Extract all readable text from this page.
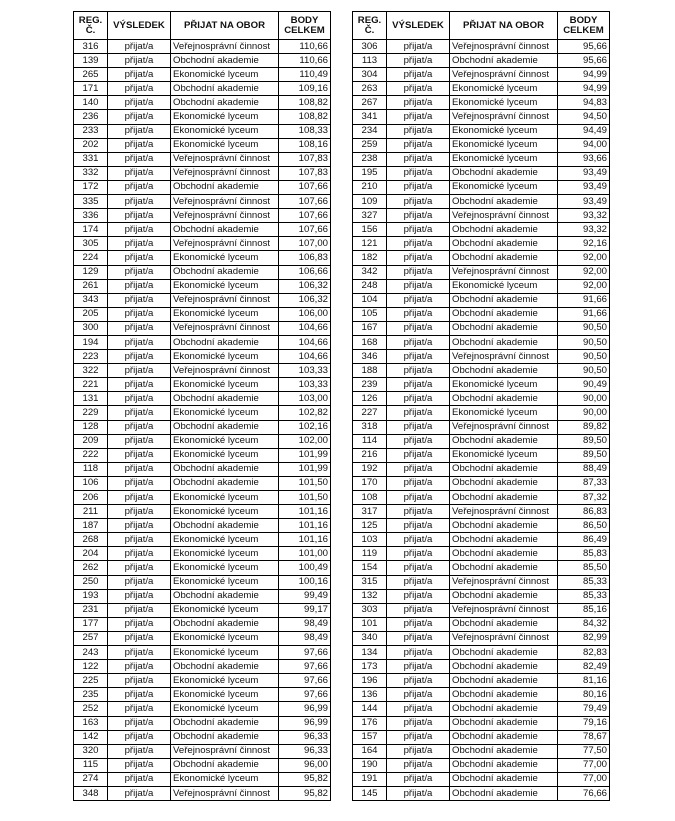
REG.
Č.	VÝSLEDEK	PŘIJAT NA OBOR	BODY
CELKEM
316	přijat/a	Veřejnosprávní činnost	110,66
139	přijat/a	Obchodní akademie	110,66
265	přijat/a	Ekonomické lyceum	110,49
171	přijat/a	Obchodní akademie	109,16
140	přijat/a	Obchodní akademie	108,82
236	přijat/a	Ekonomické lyceum	108,82
233	přijat/a	Ekonomické lyceum	108,33
202	přijat/a	Ekonomické lyceum	108,16
331	přijat/a	Veřejnosprávní činnost	107,83
332	přijat/a	Veřejnosprávní činnost	107,83
172	přijat/a	Obchodní akademie	107,66
335	přijat/a	Veřejnosprávní činnost	107,66
336	přijat/a	Veřejnosprávní činnost	107,66
174	přijat/a	Obchodní akademie	107,66
305	přijat/a	Veřejnosprávní činnost	107,00
224	přijat/a	Ekonomické lyceum	106,83
129	přijat/a	Obchodní akademie	106,66
261	přijat/a	Ekonomické lyceum	106,32
343	přijat/a	Veřejnosprávní činnost	106,32
205	přijat/a	Ekonomické lyceum	106,00
300	přijat/a	Veřejnosprávní činnost	104,66
194	přijat/a	Obchodní akademie	104,66
223	přijat/a	Ekonomické lyceum	104,66
322	přijat/a	Veřejnosprávní činnost	103,33
221	přijat/a	Ekonomické lyceum	103,33
131	přijat/a	Obchodní akademie	103,00
229	přijat/a	Ekonomické lyceum	102,82
128	přijat/a	Obchodní akademie	102,16
209	přijat/a	Ekonomické lyceum	102,00
222	přijat/a	Ekonomické lyceum	101,99
118	přijat/a	Obchodní akademie	101,99
106	přijat/a	Obchodní akademie	101,50
206	přijat/a	Ekonomické lyceum	101,50
211	přijat/a	Ekonomické lyceum	101,16
187	přijat/a	Obchodní akademie	101,16
268	přijat/a	Ekonomické lyceum	101,16
204	přijat/a	Ekonomické lyceum	101,00
262	přijat/a	Ekonomické lyceum	100,49
250	přijat/a	Ekonomické lyceum	100,16
193	přijat/a	Obchodní akademie	99,49
231	přijat/a	Ekonomické lyceum	99,17
177	přijat/a	Obchodní akademie	98,49
257	přijat/a	Ekonomické lyceum	98,49
243	přijat/a	Ekonomické lyceum	97,66
122	přijat/a	Obchodní akademie	97,66
225	přijat/a	Ekonomické lyceum	97,66
235	přijat/a	Ekonomické lyceum	97,66
252	přijat/a	Ekonomické lyceum	96,99
163	přijat/a	Obchodní akademie	96,99
142	přijat/a	Obchodní akademie	96,33
320	přijat/a	Veřejnosprávní činnost	96,33
115	přijat/a	Obchodní akademie	96,00
274	přijat/a	Ekonomické lyceum	95,82
348	přijat/a	Veřejnosprávní činnost	95,82
REG.
Č.	VÝSLEDEK	PŘIJAT NA OBOR	BODY
CELKEM
306	přijat/a	Veřejnosprávní činnost	95,66
113	přijat/a	Obchodní akademie	95,66
304	přijat/a	Veřejnosprávní činnost	94,99
263	přijat/a	Ekonomické lyceum	94,99
267	přijat/a	Ekonomické lyceum	94,83
341	přijat/a	Veřejnosprávní činnost	94,50
234	přijat/a	Ekonomické lyceum	94,49
259	přijat/a	Ekonomické lyceum	94,00
238	přijat/a	Ekonomické lyceum	93,66
195	přijat/a	Obchodní akademie	93,49
210	přijat/a	Ekonomické lyceum	93,49
109	přijat/a	Obchodní akademie	93,49
327	přijat/a	Veřejnosprávní činnost	93,32
156	přijat/a	Obchodní akademie	93,32
121	přijat/a	Obchodní akademie	92,16
182	přijat/a	Obchodní akademie	92,00
342	přijat/a	Veřejnosprávní činnost	92,00
248	přijat/a	Ekonomické lyceum	92,00
104	přijat/a	Obchodní akademie	91,66
105	přijat/a	Obchodní akademie	91,66
167	přijat/a	Obchodní akademie	90,50
168	přijat/a	Obchodní akademie	90,50
346	přijat/a	Veřejnosprávní činnost	90,50
188	přijat/a	Obchodní akademie	90,50
239	přijat/a	Ekonomické lyceum	90,49
126	přijat/a	Obchodní akademie	90,00
227	přijat/a	Ekonomické lyceum	90,00
318	přijat/a	Veřejnosprávní činnost	89,82
114	přijat/a	Obchodní akademie	89,50
216	přijat/a	Ekonomické lyceum	89,50
192	přijat/a	Obchodní akademie	88,49
170	přijat/a	Obchodní akademie	87,33
108	přijat/a	Obchodní akademie	87,32
317	přijat/a	Veřejnosprávní činnost	86,83
125	přijat/a	Obchodní akademie	86,50
103	přijat/a	Obchodní akademie	86,49
119	přijat/a	Obchodní akademie	85,83
154	přijat/a	Obchodní akademie	85,50
315	přijat/a	Veřejnosprávní činnost	85,33
132	přijat/a	Obchodní akademie	85,33
303	přijat/a	Veřejnosprávní činnost	85,16
101	přijat/a	Obchodní akademie	84,32
340	přijat/a	Veřejnosprávní činnost	82,99
134	přijat/a	Obchodní akademie	82,83
173	přijat/a	Obchodní akademie	82,49
196	přijat/a	Obchodní akademie	81,16
136	přijat/a	Obchodní akademie	80,16
144	přijat/a	Obchodní akademie	79,49
176	přijat/a	Obchodní akademie	79,16
157	přijat/a	Obchodní akademie	78,67
164	přijat/a	Obchodní akademie	77,50
190	přijat/a	Obchodní akademie	77,00
191	přijat/a	Obchodní akademie	77,00
145	přijat/a	Obchodní akademie	76,66
